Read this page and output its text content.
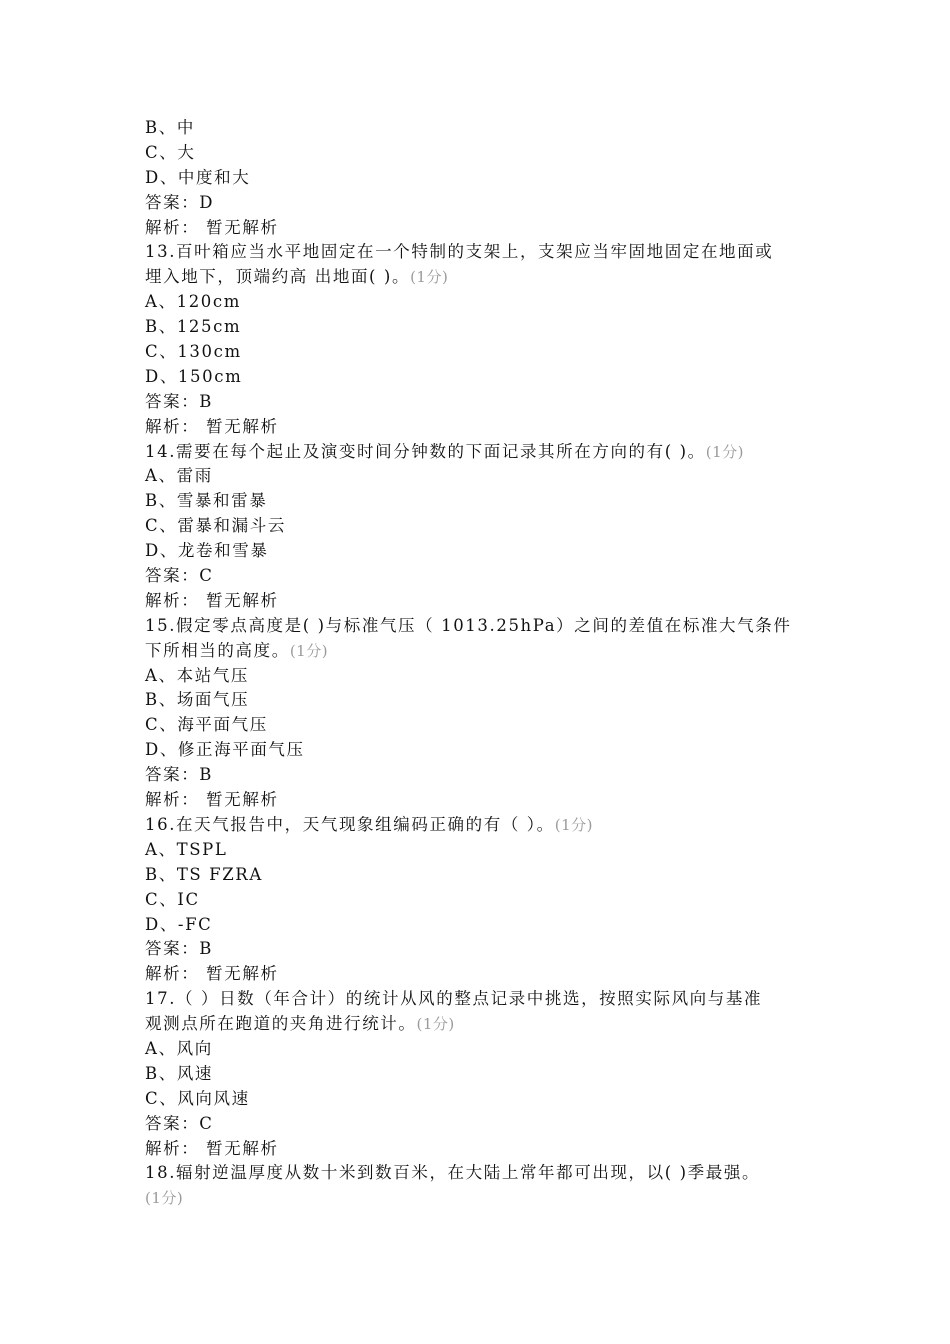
B、中
C、大
D、中度和大
答案：D
解析： 暂无解析
13.百叶箱应当水平地固定在一个特制的支架上，支架应当牢固地固定在地面或
埋入地下，顶端约高 出地面( )。(1分)
A、120cm
B、125cm
C、130cm
D、150cm
答案：B
解析： 暂无解析
14.需要在每个起止及演变时间分钟数的下面记录其所在方向的有( )。(1分)
A、雷雨
B、雪暴和雷暴
C、雷暴和漏斗云
D、龙卷和雪暴
答案：C
解析： 暂无解析
15.假定零点高度是( )与标准气压（ 1013.25hPa）之间的差值在标准大气条件
下所相当的高度。(1分)
A、本站气压
B、场面气压
C、海平面气压
D、修正海平面气压
答案：B
解析： 暂无解析
16.在天气报告中，天气现象组编码正确的有（ ）。(1分)
A、TSPL
B、TS FZRA
C、IC
D、-FC
答案：B
解析： 暂无解析
17.（ ）日数（年合计）的统计从风的整点记录中挑选，按照实际风向与基准
观测点所在跑道的夹角进行统计。(1分)
A、风向
B、风速
C、风向风速
答案：C
解析： 暂无解析
18.辐射逆温厚度从数十米到数百米，在大陆上常年都可出现，以( )季最强。
(1分)
